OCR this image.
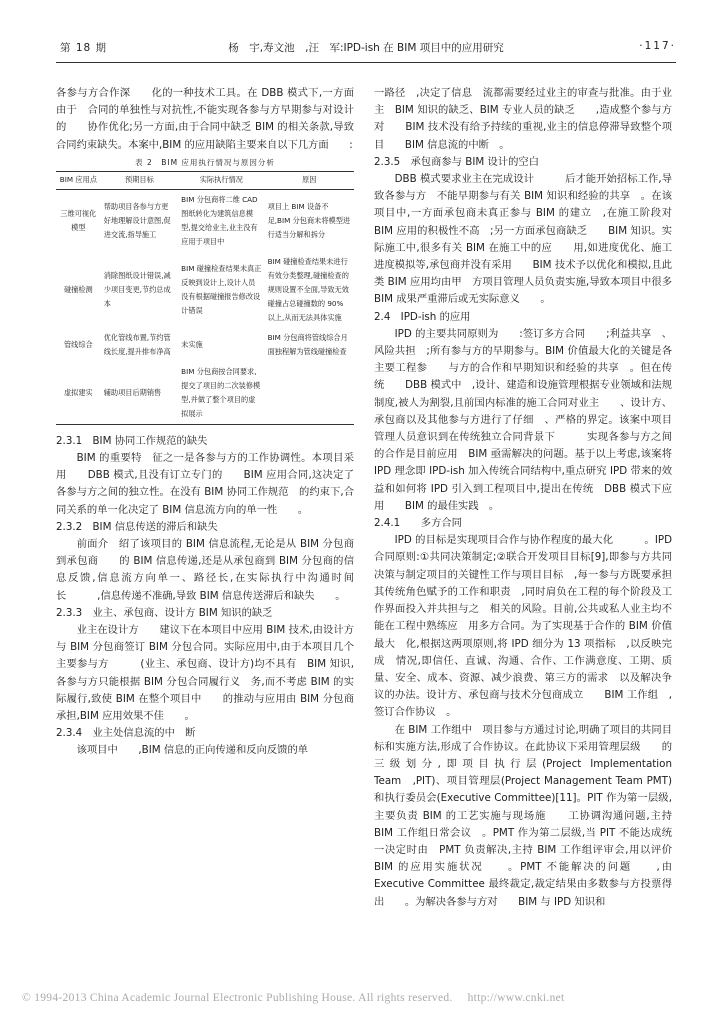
第 18 期	杨　宇,寿文池　,汪　军:IPD-ish 在 BIM 项目中的应用研究	·117·

各参与方合作深　　化的一种技术工具。在 DBB 模式下,一方面由于　合同的单独性与对抗性,不能实现各参与方早期参与对设计的　　协作优化;另一方面,由于合同中缺乏 BIM 的相关条款,导致合同约束缺失。本案中,BIM 的应用缺陷主要来自以下几方面　　:

表 2　BIM 应用执行情况与原因分析
BIM 应用点	预期目标	实际执行情况	原因
三维可视化模型	帮助项目各参与方更好地理解设计意图,促进交流,指导施工	BIM 分包商将二维 CAD 图纸转化为建筑信息模型,提交给业主,业主没有应用于项目中	项目上 BIM 设备不足,BIM 分包商未将模型进行适当分解和拆分
碰撞检测	消除图纸设计错误,减少项目变更,节约总成本	BIM 碰撞检查结果未真正反映到设计上,设计人员没有根据碰撞报告修改设计错误	BIM 碰撞检查结果未进行有效分类整理,碰撞检查的规则设置不全面,导致无效碰撞占总碰撞数的 90% 以上,从而无法具体实施
管线综合	优化管线布置,节约管线长度,提升排布净高	未实施	BIM 分包商将管线综合月面独程解为管线碰撞检查
虚拟建实	辅助项目后期销售	BIM 分包商按合同要求,提交了项目的二次装修模型,并做了整个项目的虚拟展示	
2.3.1　BIM 协同工作规范的缺失

BIM 的重要特　征之一是各参与方的工作协调性。本项目采用　　DBB 模式,且没有订立专门的　　BIM 应用合同,这决定了　各参与方之间的独立性。在没有 BIM 协同工作规范　的约束下,合同关系的单一化决定了 BIM 信息流方向的单一性　　。

2.3.2　BIM 信息传送的滞后和缺失

前面介　绍了该项目的 BIM 信息流程,无论是从 BIM 分包商到承包商　　的 BIM 信息传递,还是从承包商到 BIM 分包商的信息反馈,信息流方向单一、路径长,在实际执行中沟通时间长　　　,信息传递不准确,导致 BIM 信息传送滞后和缺失　　。

2.3.3　业主、承包商、设计方 BIM 知识的缺乏

业主在设计方　　建议下在本项目中应用 BIM 技术,由设计方　与 BIM 分包商签订 BIM 分包合同。实际应用中,由于本项目几个主要参与方　　　(业主、承包商、设计方)均不具有　BIM 知识,各参与方只能根据 BIM 分包合同履行义　务,而不考虑 BIM 的实际履行,致使 BIM 在整个项目中　　的推动与应用由 BIM 分包商承担,BIM 应用效果不佳　　。

2.3.4　业主处信息流的中　断

该项目中　　,BIM 信息的正向传递和反向反馈的单

一路径　,决定了信息　流都需要经过业主的审查与批准。由于业主　BIM 知识的缺乏、BIM 专业人员的缺乏　　,造成整个参与方对　　BIM 技术没有给予持续的重视,业主的信息停滞导致整个项目　　BIM 信息流的中断　。

2.3.5　承包商参与 BIM 设计的空白

DBB 模式要求业主在完成设计　　　后才能开始招标工作,导致各参与方　不能早期参与有关 BIM 知识和经验的共享　。在该项目中,一方面承包商未真正参与 BIM 的建立　,在施工阶段对　　BIM 应用的积极性不高　;另一方面承包商缺乏　　BIM 知识。实际施工中,很多有关 BIM 在施工中的应　　用,如进度优化、施工进度模拟等,承包商并没有采用　　BIM 技术予以优化和模拟,且此类 BIM 应用均由甲　方项目管理人员负责实施,导致本项目中很多　BIM 成果严重滞后或无实际意义　　。

2.4　IPD-ish 的应用

IPD 的主要共同原则为　　:签订多方合同　　;利益共享　、风险共担　;所有参与方的早期参与。BIM 价值最大化的关键是各主要工程参　　与方的合作和早期知识和经验的共享　。但在传统　　DBB 模式中　,设计、建造和设施管理根据专业领域和法规　　制度,被人为割裂,且前国内标准的施工合同对业主　　、设计方、承包商以及其他参与方进行了仔细　、严格的界定。该案中项目管理人员意识到在传统独立合同背景下　　　实现各参与方之间的合作是目前应用　BIM 亟需解决的问题。基于以上考虑,该案将 IPD 理念即 IPD-ish 加入传统合同结构中,重点研究 IPD 带来的效益和如何将 IPD 引入到工程项目中,提出在传统　DBB 模式下应用　　BIM 的最佳实践　。

2.4.1　　多方合同

IPD 的目标是实现项目合作与协作程度的最大化　　　。IPD 合同原则:①共同决策制定;②联合开发项目目标[9],即参与方共同决策与制定项目的关键性工作与项目目标　,每一参与方既要承担其传统角色赋予的工作和职责　,同时肩负在工程的每个阶段及工作界面投入并共担与之　相关的风险。目前,公共或私人业主均不能在工程中熟练应　用多方合同。为了实现基于合作的 BIM 价值最大　化,根据这两项原则,将 IPD 细分为 13 项指标　,以反映完成　情况,即信任、直诚、沟通、合作、工作满意度、工期、质量、安全、成本、资源、减少浪费、第三方的需求　以及解决争议的办法。设计方、承包商与技术分包商成立　　BIM 工作组　,签订合作协议　。

在 BIM 工作组中　项目参与方通过讨论,明确了项目的共同目　标和实施方法,形成了合作协议。在此协议下采用管理层级　　的三级划分,即项目执行层(Project Implementation Team　,PIT)、项目管理层(Project Management Team PMT)和执行委员会(Executive Committee)[11]。PIT 作为第一层级,主要负责 BIM 的工艺实施与现场施　　工协调沟通问题,主持 BIM 工作组日常会议　。PMT 作为第二层级,当 PIT 不能达成统一决定时由　PMT 负责解决,主持 BIM 工作组评审会,用以评价　BIM 的应用实施状况　　。PMT 不能解决的问题　　,由 Executive Committee 最终裁定,裁定结果由多数参与方投票得出　　。为解决各参与方对　　BIM 与 IPD 知识和

© 1994-2013 China Academic Journal Electronic Publishing House. All rights reserved.　 http://www.cnki.net
